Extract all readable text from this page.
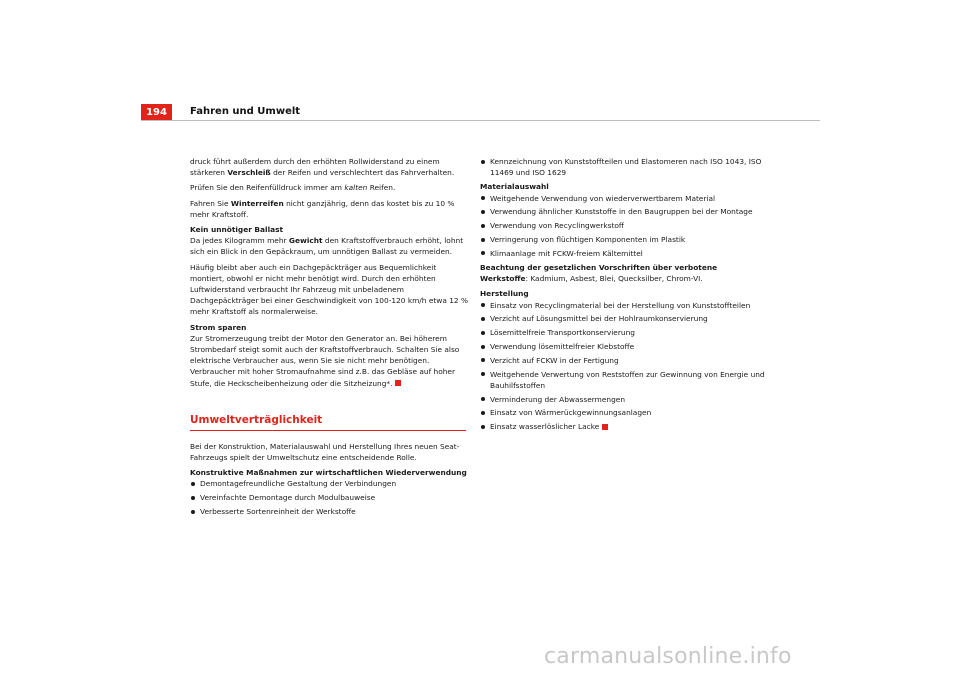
194	Fahren und Umwelt

druck führt außerdem durch den erhöhten Rollwiderstand zu einem stärkeren Verschleiß der Reifen und verschlechtert das Fahrverhalten.

Prüfen Sie den Reifenfülldruck immer am kalten Reifen.

Fahren Sie Winterreifen nicht ganzjährig, denn das kostet bis zu 10 % mehr Kraftstoff.

Kein unnötiger Ballast

Da jedes Kilogramm mehr Gewicht den Kraftstoffverbrauch erhöht, lohnt sich ein Blick in den Gepäckraum, um unnötigen Ballast zu vermeiden.

Häufig bleibt aber auch ein Dachgepäckträger aus Bequemlichkeit montiert, obwohl er nicht mehr benötigt wird. Durch den erhöhten Luftwiderstand verbraucht Ihr Fahrzeug mit unbeladenem Dachgepäckträger bei einer Geschwindigkeit von 100-120 km/h etwa 12 % mehr Kraftstoff als normalerweise.

Strom sparen

Zur Stromerzeugung treibt der Motor den Generator an. Bei höherem Strombedarf steigt somit auch der Kraftstoffverbrauch. Schalten Sie also elektrische Verbraucher aus, wenn Sie sie nicht mehr benötigen. Verbraucher mit hoher Stromaufnahme sind z.B. das Gebläse auf hoher Stufe, die Heckscheibenheizung oder die Sitzheizung*.

Umweltverträglichkeit

Bei der Konstruktion, Materialauswahl und Herstellung Ihres neuen Seat-Fahrzeugs spielt der Umweltschutz eine entscheidende Rolle.

Konstruktive Maßnahmen zur wirtschaftlichen Wiederverwendung

Demontagefreundliche Gestaltung der Verbindungen
Vereinfachte Demontage durch Modulbauweise
Verbesserte Sortenreinheit der Werkstoffe
Kennzeichnung von Kunststoffteilen und Elastomeren nach ISO 1043, ISO 11469 und ISO 1629

Materialauswahl

Weitgehende Verwendung von wiederverwertbarem Material
Verwendung ähnlicher Kunststoffe in den Baugruppen bei der Montage
Verwendung von Recyclingwerkstoff
Verringerung von flüchtigen Komponenten im Plastik
Klimaanlage mit FCKW-freiem Kältemittel

Beachtung der gesetzlichen Vorschriften über verbotene

Werkstoffe: Kadmium, Asbest, Blei, Quecksilber, Chrom-VI.

Herstellung

Einsatz von Recyclingmaterial bei der Herstellung von Kunststoffteilen
Verzicht auf Lösungsmittel bei der Hohlraumkonservierung
Lösemittelfreie Transportkonservierung
Verwendung lösemittelfreier Klebstoffe
Verzicht auf FCKW in der Fertigung
Weitgehende Verwertung von Reststoffen zur Gewinnung von Energie und Bauhilfsstoffen
Verminderung der Abwassermengen
Einsatz von Wärmerückgewinnungsanlagen
Einsatz wasserlöslicher Lacke
carmanualsonline.info
